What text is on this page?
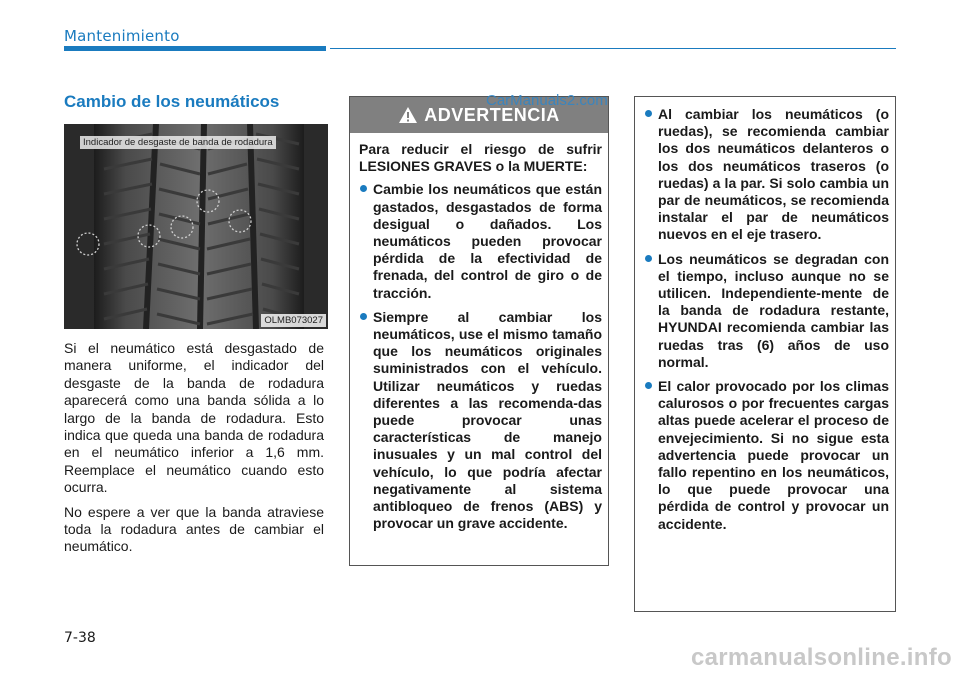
Mantenimiento
Cambio de los neumáticos
Indicador de desgaste de banda de rodadura
OLMB073027

Si el neumático está desgastado de manera uniforme, el indicador del desgaste de la banda de rodadura aparecerá como una banda sólida a lo largo de la banda de rodadura. Esto indica que queda una banda de rodadura en el neumático inferior a 1,6 mm. Reemplace el neumático cuando esto ocurra.

No espere a ver que la banda atraviese toda la rodadura antes de cambiar el neumático.

ADVERTENCIA

Para reducir el riesgo de sufrir LESIONES GRAVES o la MUERTE:

Cambie los neumáticos que están gastados, desgastados de forma desigual o dañados. Los neumáticos pueden provocar pérdida de la efectividad de frenada, del control de giro o de tracción.
Siempre al cambiar los neumáticos, use el mismo tamaño que los neumáticos originales suministrados con el vehículo. Utilizar neumáticos y ruedas diferentes a las recomenda-das puede provocar unas características de manejo inusuales y un mal control del vehículo, lo que podría afectar negativamente al sistema antibloqueo de frenos (ABS) y provocar un grave accidente.
CarManuals2.com
Al cambiar los neumáticos (o ruedas), se recomienda cambiar los dos neumáticos delanteros o los dos neumáticos traseros (o ruedas) a la par. Si solo cambia un par de neumáticos, se recomienda instalar el par de neumáticos nuevos en el eje trasero.
Los neumáticos se degradan con el tiempo, incluso aunque no se utilicen. Independiente-mente de la banda de rodadura restante, HYUNDAI recomienda cambiar las ruedas tras (6) años de uso normal.
El calor provocado por los climas calurosos o por frecuentes cargas altas puede acelerar el proceso de envejecimiento. Si no sigue esta advertencia puede provocar un fallo repentino en los neumáticos, lo que puede provocar una pérdida de control y provocar un accidente.
7-38
carmanualsonline.info
